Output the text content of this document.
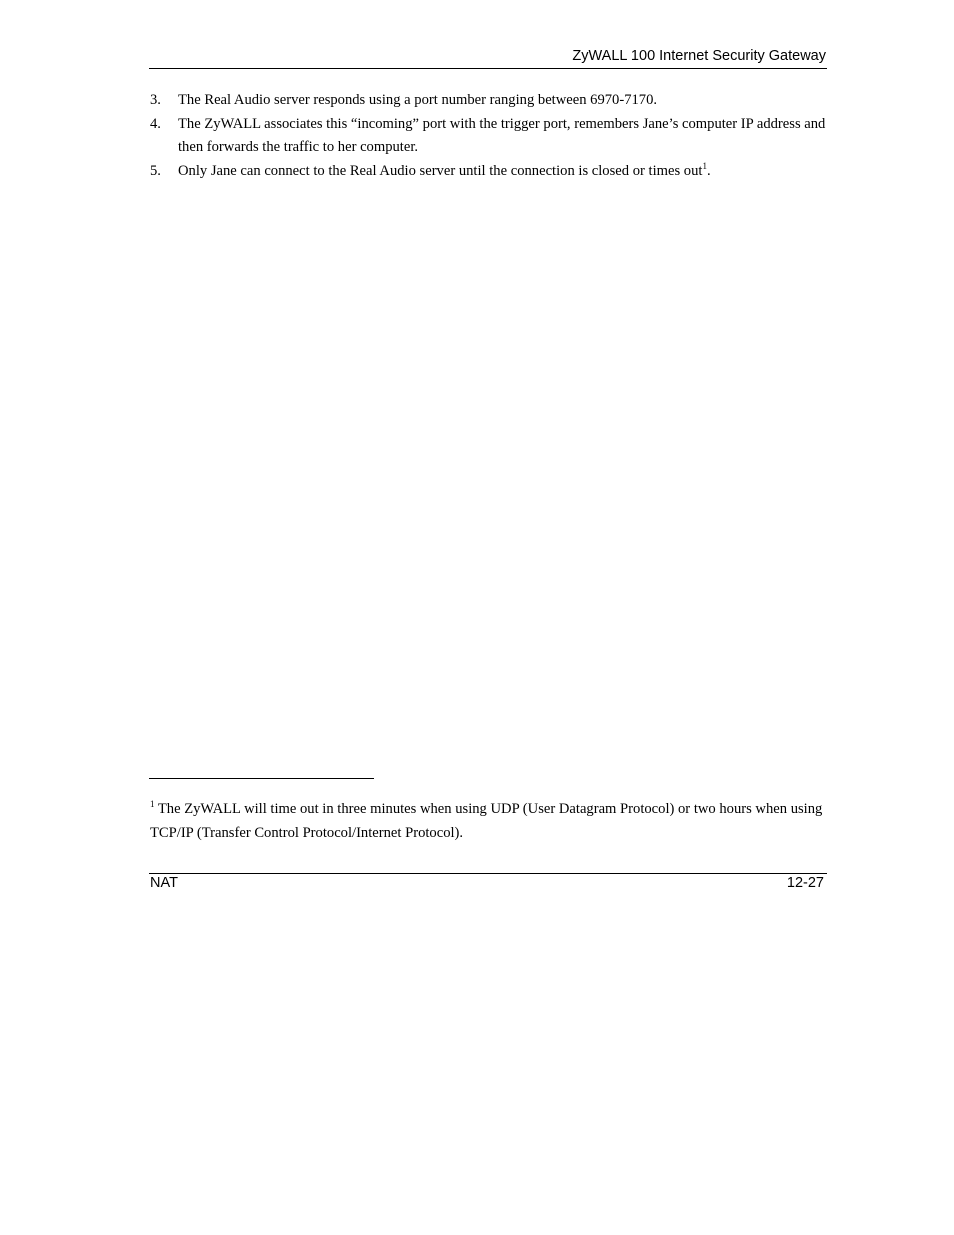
ZyWALL 100 Internet Security Gateway
3. The Real Audio server responds using a port number ranging between 6970-7170.
4. The ZyWALL associates this “incoming” port with the trigger port, remembers Jane’s computer IP address and then forwards the traffic to her computer.
5. Only Jane can connect to the Real Audio server until the connection is closed or times out$^1$.

$^1$ The ZyWALL will time out in three minutes when using UDP (User Datagram Protocol) or two hours when using TCP/IP (Transfer Control Protocol/Internet Protocol).

NAT	12-27
